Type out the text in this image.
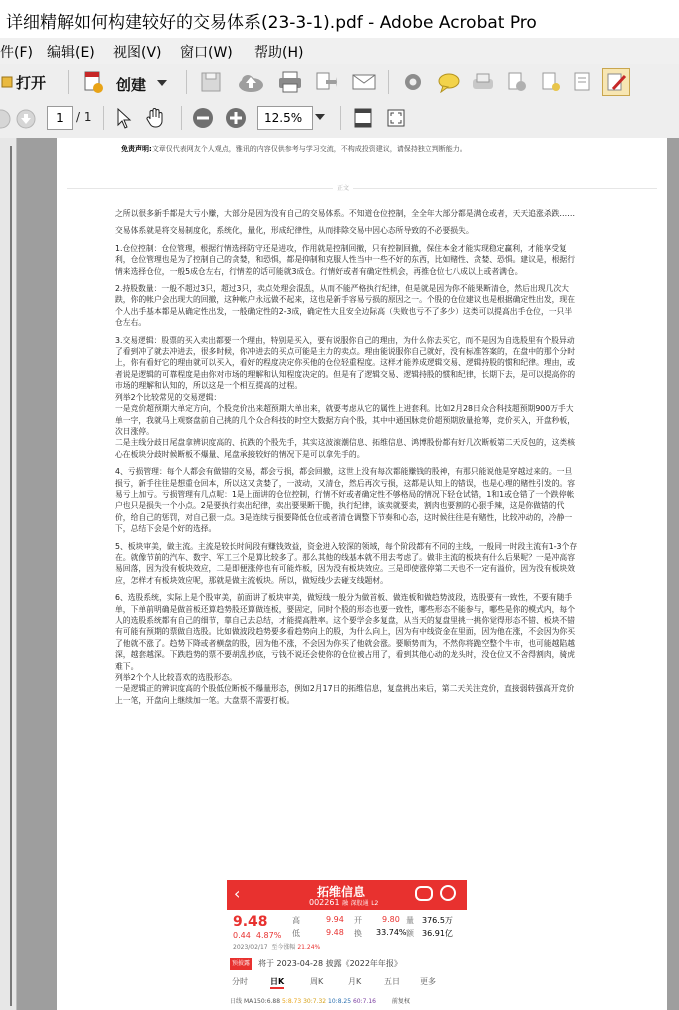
详细精解如何构建较好的交易体系(23-3-1).pdf - Adobe Acrobat Pro
件(F) 编辑(E) 视图(V) 窗口(W) 帮助(H)
打开	创建
1	/ 1	12.5%
免责声明:文章仅代表网友个人观点，雅讯的内容仅供参考与学习交流，不构成投资建议，请保持独立判断能力。
正文

之所以很多新手都是大亏小赚，大部分是因为没有自己的交易体系。不知道仓位控制，全全年大部分都是满仓或者，天天追涨杀跌……

交易体系就是将交易制度化，系统化，量化，形成纪律性，从而排除交易中因心态所导致的不必要损失。

1.仓位控制：仓位管理，根据行情选择防守还是进攻，作用就是控制回撤，只有控制回撤，保住本金才能实现稳定赢利，才能享受复利，仓位管理也是为了控制自己的贪婪，和恐惧，都是抑制和克服人性当中一些不好的东西，比如赌性、贪婪、恐惧。建议是，根据行情来选择仓位，一般5成仓左右，行情差的话可能就3成仓。行情好或者有确定性机会，再推仓位七八成以上或者满仓。

2.持股数量：一般不超过3只，超过3只，卖点处理会混乱，从而不能严格执行纪律，但是就是因为你不能果断清仓，然后出现几次大跌，你的帐户会出现大的回撤，这种帐户永远做不起来，这也是新手容易亏损的原因之一。个股的仓位建议也是根据确定性出发，现在个人出手基本都是从确定性出发，一般确定性的2-3成，确定性大且安全边际高（失败也亏不了多少）这类可以提高出手仓位，一只半仓左右。

3.交易逻辑：股票的买入卖出都要一个理由，特别是买入，要有说服你自己的理由，为什么你去买它，而不是因为自选股里有个股异动了看到冲了就去冲进去，很多时候，你冲进去的买点可能是主力的卖点。理由能说服你自己就好，没有标准答案的，在盘中的那个分时上，你有看好它的理由就可以买入，看好的程度决定你买他的仓位轻重程度。这样才能养成逻辑交易、逻辑持股的惯和纪律。理由，或者说是逻辑的可靠程度是由你对市场的理解和认知程度决定的。但是有了逻辑交易、逻辑持股的惯和纪律，长期下去，是可以提高你的市场的理解和认知的，所以这是一个相互提高的过程。

列举2个比较常见的交易逻辑：

一是竞价超预期大单定方向，个股竞价出来超预期大单出来，就要考虑从它的属性上进套利。比如2月28日众合科技超预期900万手大单一字，我就马上观察盘前自己挑的几个众合科技的时空大数据方向个股，其中中通国脉竞价超预期放量抢筹，竞价买入，开盘秒板，次日涨停。

二是主线分歧日尾盘拿辨识度高的、抗跌的个股先手，其实这波滚潮信息、拓维信息、鸿博股份都有好几次断板第二天反包的，这类核心在板块分歧时候断板不爆量、尾盘承接较好的情况下是可以拿先手的。

4、亏损管理：每个人都会有做错的交易，都会亏损，都会回撤，这世上没有每次都能赚钱的股神，有那只能说他是穿越过来的。一旦损亏，新手往往是想重仓回本，所以这又贪婪了，一波动，又清仓，然后再次亏损，这都是认知上的错误，也是心理的赌性引发的。容易亏上加亏。亏损管理有几点呢：1是上面讲的仓位控制，行情不好或者确定性不够格局的情况下轻仓试错，1和1或仓错了一个跌停帐户也只是损失一个小点。2是要执行卖出纪律，卖出要果断干脆，执行纪律，该卖就要卖，割肉也要割的心狠手辣，这是你做错的代价，给自己的惩罚，对自己狠一点。3是连续亏损要降低仓位或者清仓调整下节奏和心态，这时候往往是有赌性，比较冲动的，冷静一下，总结下会是个好的选择。

5、板块审美，做主流。主流是较长时间段有赚钱效益，资金进入较深的领域，每个阶段都有不同的主线，一般同一时段主流有1-3个存在。就像节前的汽车、数字、军工三个是算比较多了。那么其他的线基本就不用去考虑了。做非主流的板块有什么后果呢？一是冲高容易回落，因为没有板块效应，二是即便涨停也有可能炸板，因为没有板块效应。三是即使涨停第二天也不一定有溢价，因为没有板块效应，怎样才有板块效应呢，那就是做主流板块。所以，做短线少去碰支线题材。

6、选股系统，实际上是个股审美，前面讲了板块审美，做短线一般分为做首板、做连板和做趋势波段，选股要有一致性，不要有随手单，下单前明确是做首板还算趋势股还算做连板，要固定，同时个股的形态也要一致性，哪些形态不能参与，哪些是你的模式内，每个人的选股系统都有自己的细节，靠自己去总结，才能提高胜率。这个要学会多复盘，从当天的复盘里挑一挑你觉得形态不错、板块不错有可能有预期的票做自选股。比如做波段趋势要多看趋势向上的股，为什么向上，因为有中线资金在里面，因为他在涨，不会因为你买了他就不涨了。趋势下降或者横盘的股，因为他不涨，不会因为你买了他就会涨。要顺势而为，不然你将跪空整个牛市，也可能越陷越深，越套越深。下跌趋势的票不要胡乱抄底，亏钱不说还会使你的仓位被占用了，看到其他心动的龙头时，没仓位又不舍得割肉，骑虎难下。

列举2个个人比较喜欢的选股形态。

一是逻辑正的辨识度高的个股低位断板不爆量形态，例如2月17日的拓维信息，复盘挑出来后，第二天关注竞价，直接弱转强高开竞价上一笔，开盘向上继续加一笔。大盘票不需要打板。

‹	拓维信息
002261 融 深股通 L2
9.48
0.44 4.87%
高	9.94 开	9.80 量 376.5万
低	9.48 换 33.74% 额 36.91亿
2023/02/17 至今涨幅 21.24%
预披露 将于 2023-04-28 披露《2022年年报》
分时	日K	周K	月K	五日	更多
日线 MA150:6.88 5:8.73 30:7.32 10:8.25 60:7.16	前复权
